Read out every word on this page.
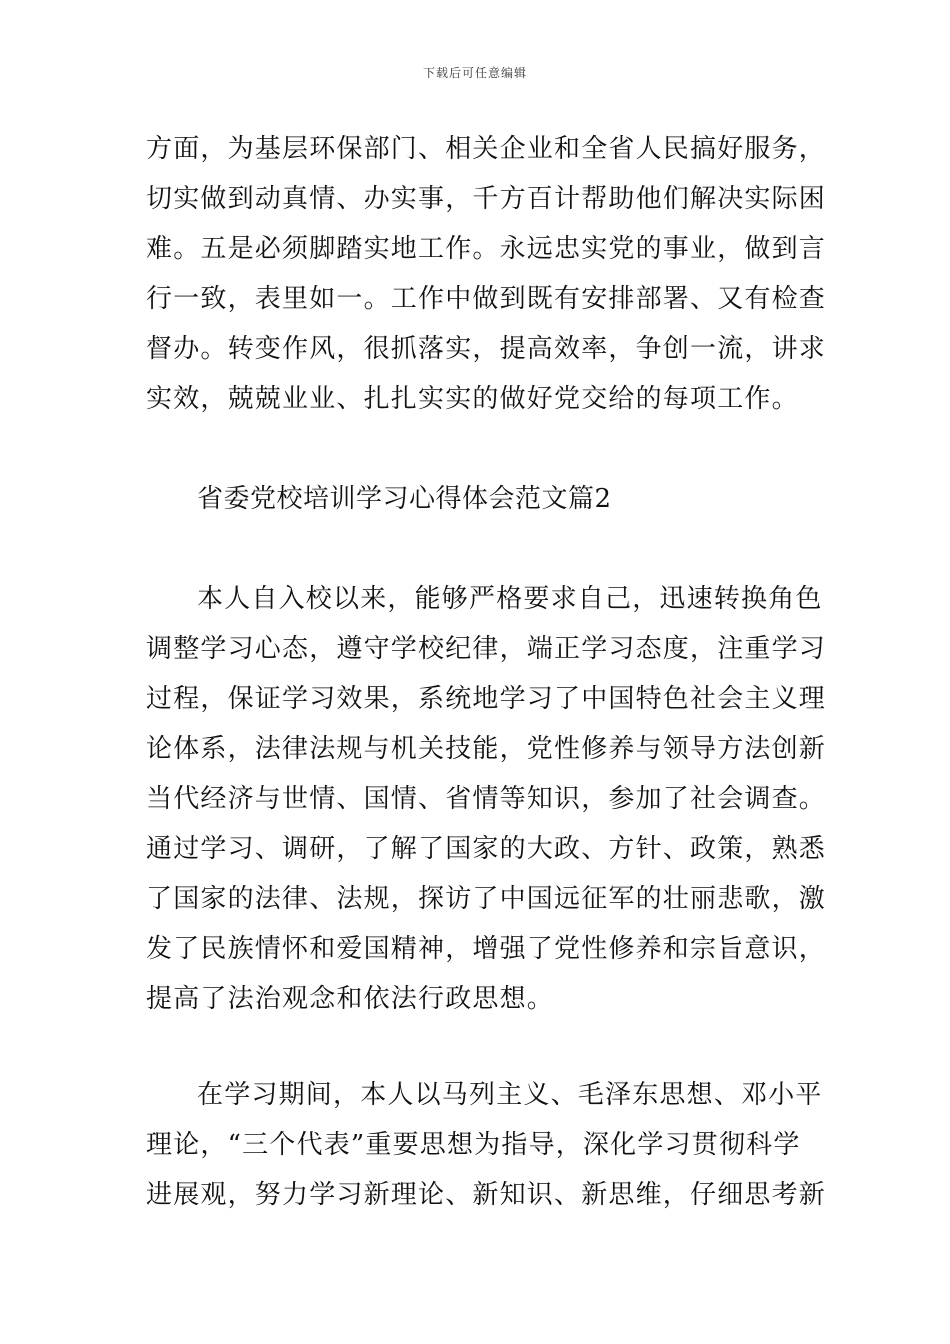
下载后可任意编辑
方面，为基层环保部门、相关企业和全省人民搞好服务，
切实做到动真情、办实事，千方百计帮助他们解决实际困
难。五是必须脚踏实地工作。永远忠实党的事业，做到言
行一致，表里如一。工作中做到既有安排部署、又有检查
督办。转变作风，很抓落实，提高效率，争创一流，讲求
实效，兢兢业业、扎扎实实的做好党交给的每项工作。
省委党校培训学习心得体会范文篇2
本人自入校以来，能够严格要求自己，迅速转换角色
调整学习心态，遵守学校纪律，端正学习态度，注重学习
过程，保证学习效果，系统地学习了中国特色社会主义理
论体系，法律法规与机关技能，党性修养与领导方法创新
当代经济与世情、国情、省情等知识，参加了社会调查。
通过学习、调研，了解了国家的大政、方针、政策，熟悉
了国家的法律、法规，探访了中国远征军的壮丽悲歌，激
发了民族情怀和爱国精神，增强了党性修养和宗旨意识，
提高了法治观念和依法行政思想。
在学习期间，本人以马列主义、毛泽东思想、邓小平
理论，“三个代表”重要思想为指导，深化学习贯彻科学
进展观，努力学习新理论、新知识、新思维，仔细思考新
